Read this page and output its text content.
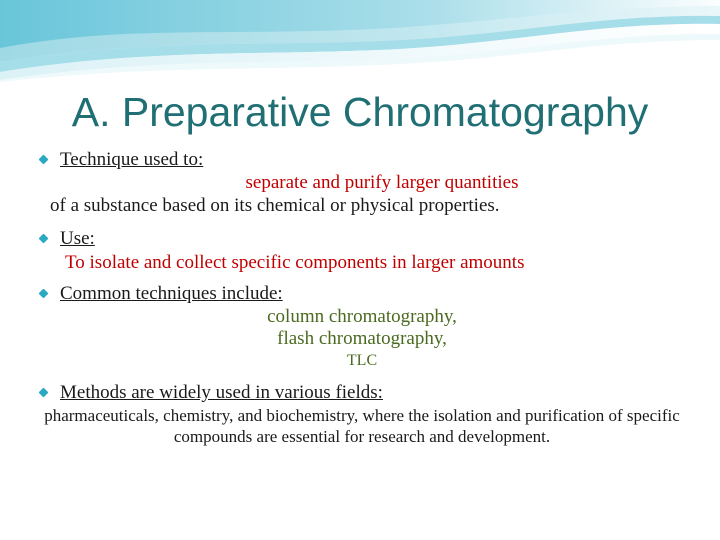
A. Preparative Chromatography
Technique used to:
separate and purify larger quantities
of a substance based on its chemical or physical properties.
Use:
To isolate and collect specific components in larger amounts
Common techniques include:
column chromatography,
flash chromatography,
TLC
Methods are widely used in various fields:
pharmaceuticals, chemistry, and biochemistry, where the isolation and purification of specific compounds are essential for research and development.
